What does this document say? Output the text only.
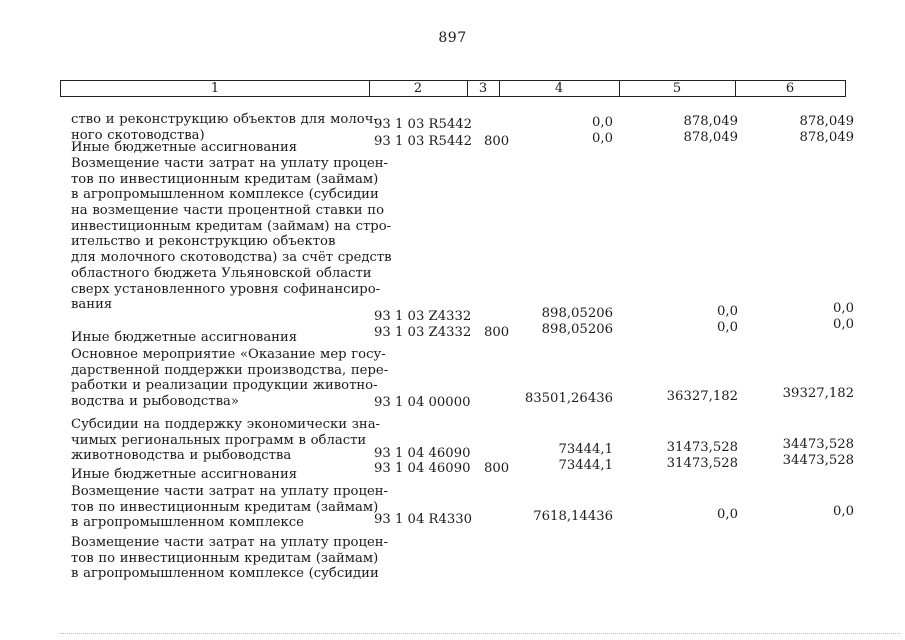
897
1	2	3	4	5	6
ство и реконструкцию объектов для молоч-
ного скотоводства)
93 1 03 R5442	0,0	878,049	878,049
Иные бюджетные ассигнования	93 1 03 R5442 800	0,0	878,049	878,049
Возмещение части затрат на уплату процен-
тов по инвестиционным кредитам (займам)
в агропромышленном комплексе (субсидии
на возмещение части процентной ставки по
инвестиционным кредитам (займам) на стро-
ительство и реконструкцию объектов
для молочного скотоводства) за счёт средств
областного бюджета Ульяновской области
сверх установленного уровня софинансиро-
вания
93 1 03 Z4332	898,05206	0,0	0,0
Иные бюджетные ассигнования	93 1 03 Z4332 800 898,05206	0,0	0,0
Основное мероприятие «Оказание мер госу-
дарственной поддержки производства, пере-
работки и реализации продукции животно-
водства и рыбоводства»	93 1 04 00000	83501,26436	36327,182	39327,182
Субсидии на поддержку экономически зна-
чимых региональных программ в области
животноводства и рыбоводства	93 1 04 46090	73444,1	31473,528	34473,528
Иные бюджетные ассигнования	93 1 04 46090 800	73444,1	31473,528	34473,528
Возмещение части затрат на уплату процен-
тов по инвестиционным кредитам (займам)
в агропромышленном комплексе	93 1 04 R4330	7618,14436	0,0	0,0
Возмещение части затрат на уплату процен-
тов по инвестиционным кредитам (займам)
в агропромышленном комплексе (субсидии
